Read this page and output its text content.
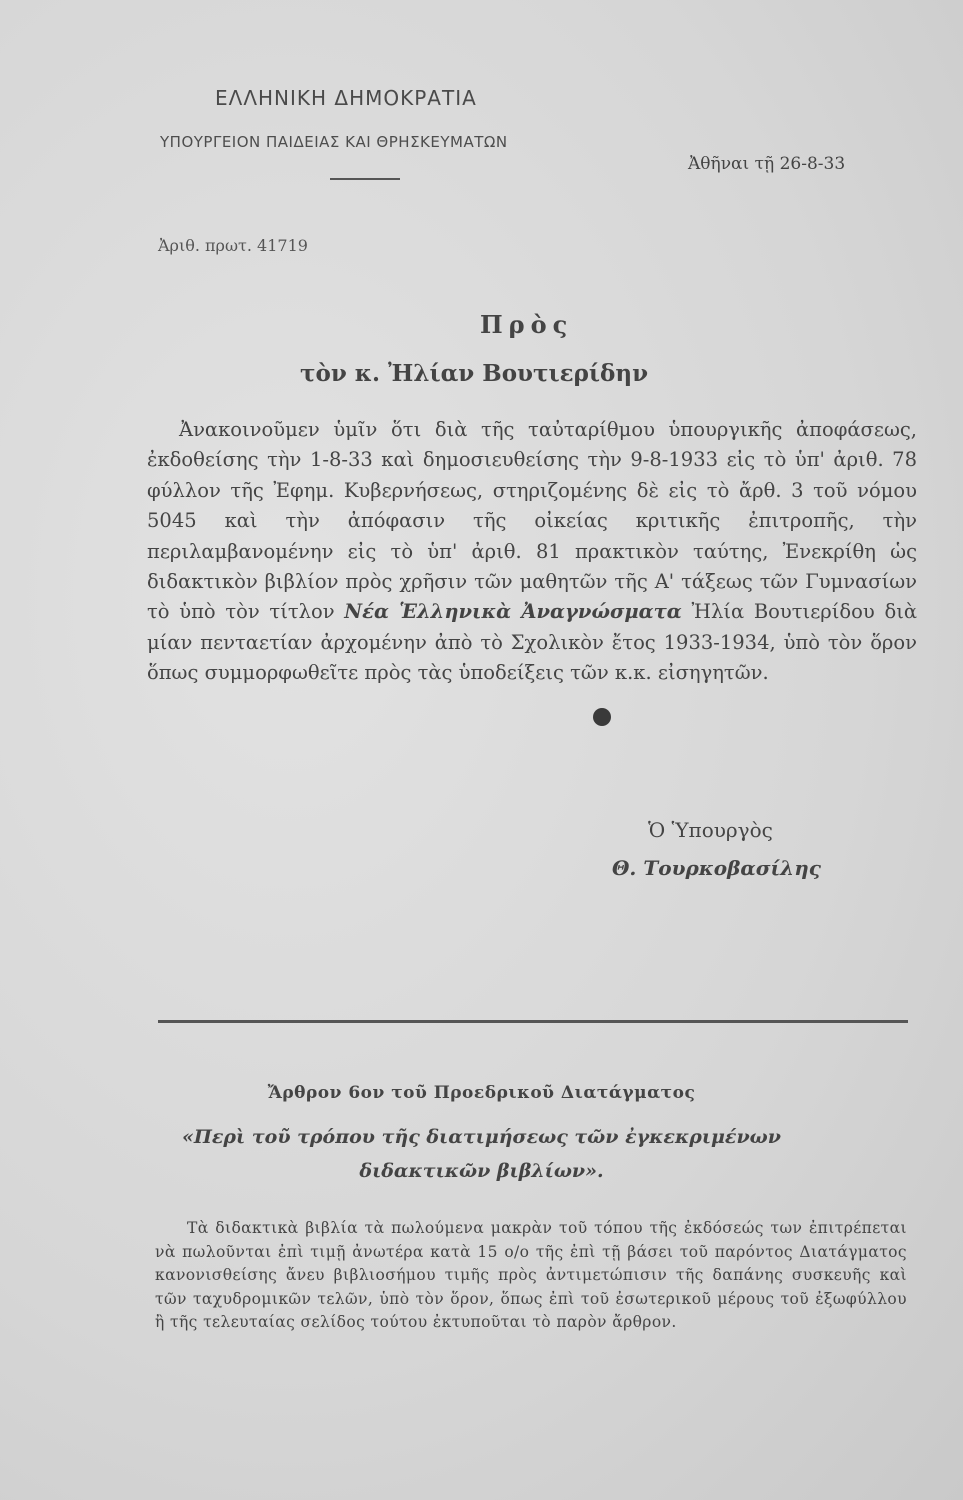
ΕΛΛΗΝΙΚΗ ΔΗΜΟΚΡΑΤΙΑ
ΥΠΟΥΡΓΕΙΟΝ ΠΑΙΔΕΙΑΣ ΚΑΙ ΘΡΗΣΚΕΥΜΑΤΩΝ
Ἀθῆναι τῇ 26-8-33
Ἀριθ. πρωτ. 41719
Πρὸς
τὸν κ. Ἠλίαν Βουτιερίδην
Ἀνακοινοῦμεν ὑμῖν ὅτι διὰ τῆς ταὐταρίθμου ὑπουργικῆς ἀποφάσεως, ἐκδοθείσης τὴν 1-8-33 καὶ δημοσιευθείσης τὴν 9-8-1933 εἰς τὸ ὑπ' ἀριθ. 78 φύλλον τῆς Ἐφημ. Κυβερνήσεως, στηριζομένης δὲ εἰς τὸ ἄρθ. 3 τοῦ νόμου 5045 καὶ τὴν ἀπόφασιν τῆς οἰκείας κριτικῆς ἐπιτροπῆς, τὴν περιλαμβανομένην εἰς τὸ ὑπ' ἀριθ. 81 πρακτικὸν ταύτης, Ἐνεκρίθη ὡς διδακτικὸν βιβλίον πρὸς χρῆσιν τῶν μαθητῶν τῆς Α' τάξεως τῶν Γυμνασίων τὸ ὑπὸ τὸν τίτλον Νέα Ἑλληνικὰ Ἀναγνώσματα Ἠλία Βουτιερίδου διὰ μίαν πενταετίαν ἀρχομένην ἀπὸ τὸ Σχολικὸν ἔτος 1933-1934, ὑπὸ τὸν ὅρον ὅπως συμμορφωθεῖτε πρὸς τὰς ὑποδείξεις τῶν κ.κ. εἰσηγητῶν.
Ὁ Ὑπουργὸς
Θ. Τουρκοβασίλης
Ἄρθρον 6ον τοῦ Προεδρικοῦ Διατάγματος
«Περὶ τοῦ τρόπου τῆς διατιμήσεως τῶν ἐγκεκριμένων
διδακτικῶν βιβλίων».
Τὰ διδακτικὰ βιβλία τὰ πωλούμενα μακρὰν τοῦ τόπου τῆς ἐκδόσεώς των ἐπιτρέπεται νὰ πωλοῦνται ἐπὶ τιμῇ ἀνωτέρα κατὰ 15 ο/ο τῆς ἐπὶ τῇ βάσει τοῦ παρόντος Διατάγματος κανονισθείσης ἄνευ βιβλιοσήμου τιμῆς πρὸς ἀντιμετώπισιν τῆς δαπάνης συσκευῆς καὶ τῶν ταχυδρομικῶν τελῶν, ὑπὸ τὸν ὅρον, ὅπως ἐπὶ τοῦ ἐσωτερικοῦ μέρους τοῦ ἐξωφύλλου ἢ τῆς τελευταίας σελίδος τούτου ἐκτυποῦται τὸ παρὸν ἄρθρον.
